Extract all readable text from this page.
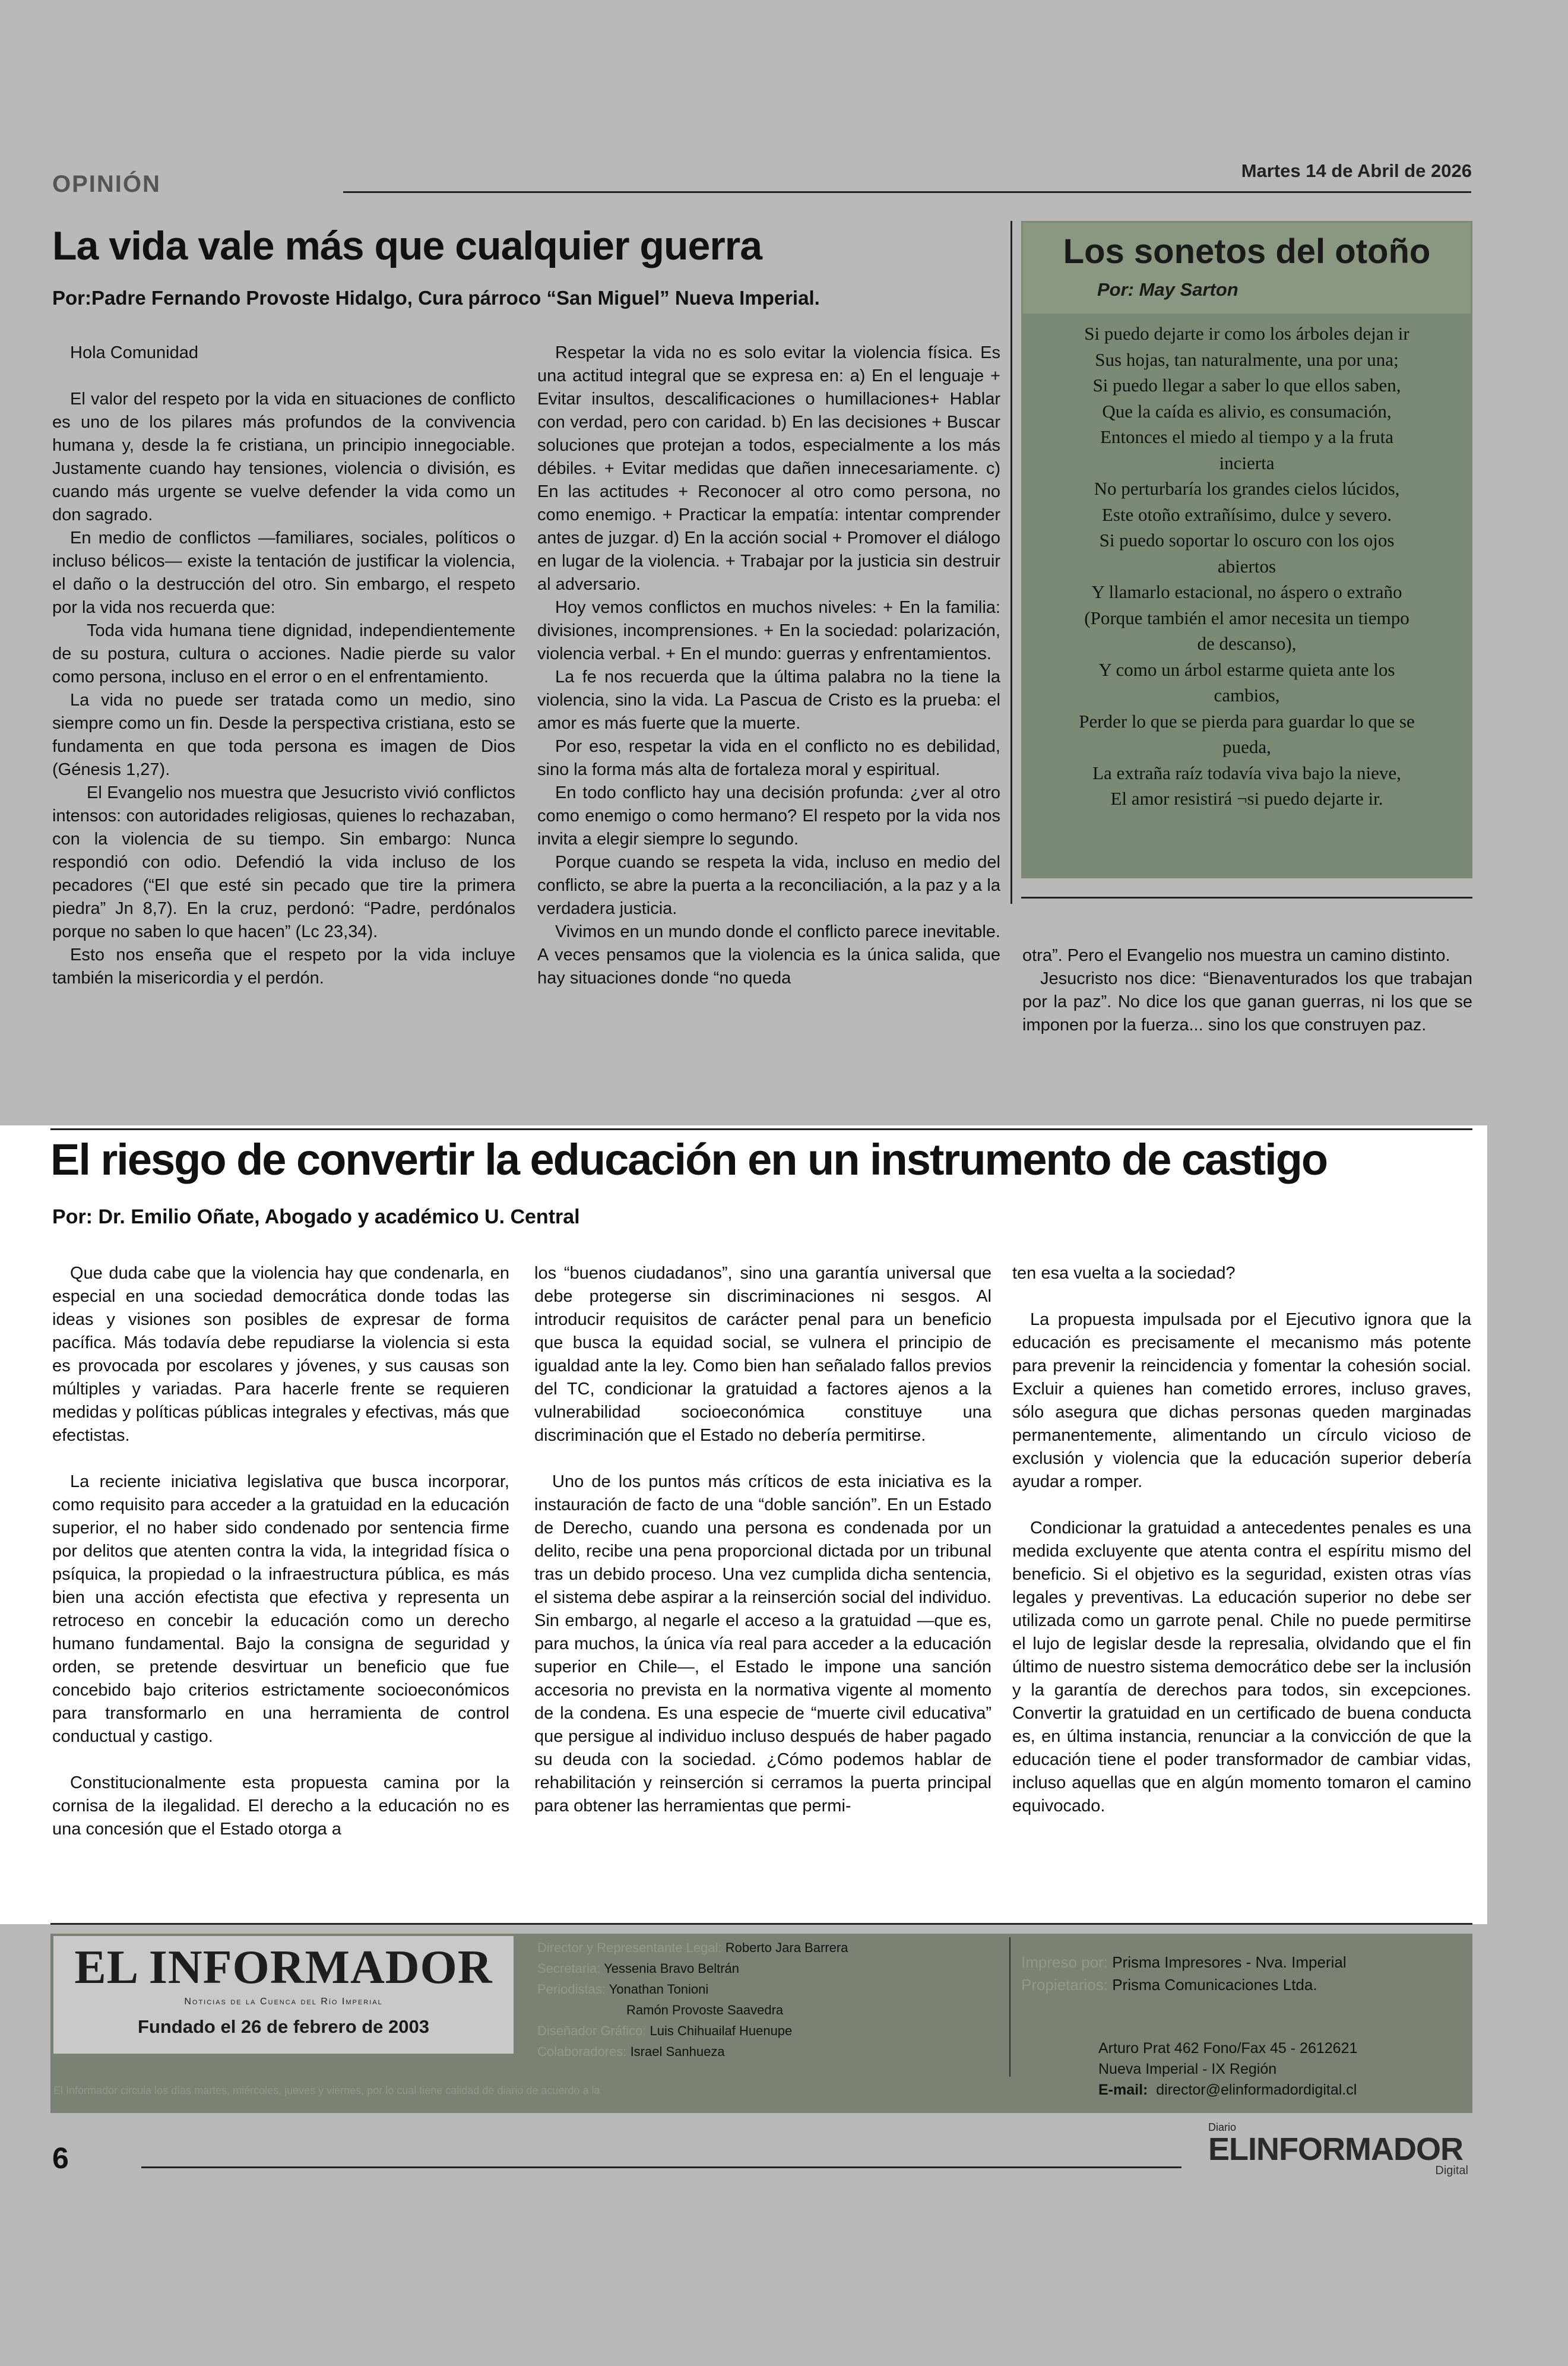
OPINIÓN
Martes 14 de Abril de 2026
La vida vale más que cualquier guerra
Por:Padre Fernando Provoste Hidalgo, Cura párroco “San Miguel” Nueva Imperial.

Hola Comunidad

El valor del respeto por la vida en situaciones de conflicto es uno de los pilares más profundos de la convivencia humana y, desde la fe cristiana, un principio innegociable. Justamente cuando hay tensiones, violencia o división, es cuando más urgente se vuelve defender la vida como un don sagrado.

En medio de conflictos —familiares, sociales, políticos o incluso bélicos— existe la tentación de justificar la violencia, el daño o la destrucción del otro. Sin embargo, el respeto por la vida nos recuerda que:

Toda vida humana tiene dignidad, independientemente de su postura, cultura o acciones. Nadie pierde su valor como persona, incluso en el error o en el enfrentamiento.

La vida no puede ser tratada como un medio, sino siempre como un fin. Desde la perspectiva cristiana, esto se fundamenta en que toda persona es imagen de Dios (Génesis 1,27).

El Evangelio nos muestra que Jesucristo vivió conflictos intensos: con autoridades religiosas, quienes lo rechazaban, con la violencia de su tiempo. Sin embargo: Nunca respondió con odio. Defendió la vida incluso de los pecadores (“El que esté sin pecado que tire la primera piedra” Jn 8,7). En la cruz, perdonó: “Padre, perdónalos porque no saben lo que hacen” (Lc 23,34).

Esto nos enseña que el respeto por la vida incluye también la misericordia y el perdón.

Respetar la vida no es solo evitar la violencia física. Es una actitud integral que se expresa en: a) En el lenguaje + Evitar insultos, descalificaciones o humillaciones+ Hablar con verdad, pero con caridad. b) En las decisiones + Buscar soluciones que protejan a todos, especialmente a los más débiles. + Evitar medidas que dañen innecesariamente. c) En las actitudes + Reconocer al otro como persona, no como enemigo. + Practicar la empatía: intentar comprender antes de juzgar. d) En la acción social + Promover el diálogo en lugar de la violencia. + Trabajar por la justicia sin destruir al adversario.

Hoy vemos conflictos en muchos niveles: + En la familia: divisiones, incomprensiones. + En la sociedad: polarización, violencia verbal. + En el mundo: guerras y enfrentamientos.

La fe nos recuerda que la última palabra no la tiene la violencia, sino la vida. La Pascua de Cristo es la prueba: el amor es más fuerte que la muerte.

Por eso, respetar la vida en el conflicto no es debilidad, sino la forma más alta de fortaleza moral y espiritual.

En todo conflicto hay una decisión profunda: ¿ver al otro como enemigo o como hermano? El respeto por la vida nos invita a elegir siempre lo segundo.

Porque cuando se respeta la vida, incluso en medio del conflicto, se abre la puerta a la reconciliación, a la paz y a la verdadera justicia.

Vivimos en un mundo donde el conflicto parece inevitable. A veces pensamos que la violencia es la única salida, que hay situaciones donde “no queda

Los sonetos del otoño
Por: May Sarton
Si puedo dejarte ir como los árboles dejan ir
Sus hojas, tan naturalmente, una por una;
Si puedo llegar a saber lo que ellos saben,
Que la caída es alivio, es consumación,
Entonces el miedo al tiempo y a la fruta
incierta
No perturbaría los grandes cielos lúcidos,
Este otoño extrañísimo, dulce y severo.
Si puedo soportar lo oscuro con los ojos
abiertos
Y llamarlo estacional, no áspero o extraño
(Porque también el amor necesita un tiempo
de descanso),
Y como un árbol estarme quieta ante los
cambios,
Perder lo que se pierda para guardar lo que se
pueda,
La extraña raíz todavía viva bajo la nieve,
El amor resistirá ¬si puedo dejarte ir.

otra”. Pero el Evangelio nos muestra un camino distinto.

Jesucristo nos dice: “Bienaventurados los que trabajan por la paz”. No dice los que ganan guerras, ni los que se imponen por la fuerza... sino los que construyen paz.

El riesgo de convertir la educación en un instrumento de castigo
Por: Dr. Emilio Oñate, Abogado y académico U. Central

Que duda cabe que la violencia hay que condenarla, en especial en una sociedad democrática donde todas las ideas y visiones son posibles de expresar de forma pacífica. Más todavía debe repudiarse la violencia si esta es provocada por escolares y jóvenes, y sus causas son múltiples y variadas. Para hacerle frente se requieren medidas y políticas públicas integrales y efectivas, más que efectistas.

La reciente iniciativa legislativa que busca incorporar, como requisito para acceder a la gratuidad en la educación superior, el no haber sido condenado por sentencia firme por delitos que atenten contra la vida, la integridad física o psíquica, la propiedad o la infraestructura pública, es más bien una acción efectista que efectiva y representa un retroceso en concebir la educación como un derecho humano fundamental. Bajo la consigna de seguridad y orden, se pretende desvirtuar un beneficio que fue concebido bajo criterios estrictamente socioeconómicos para transformarlo en una herramienta de control conductual y castigo.

Constitucionalmente esta propuesta camina por la cornisa de la ilegalidad. El derecho a la educación no es una concesión que el Estado otorga a

los “buenos ciudadanos”, sino una garantía universal que debe protegerse sin discriminaciones ni sesgos. Al introducir requisitos de carácter penal para un beneficio que busca la equidad social, se vulnera el principio de igualdad ante la ley. Como bien han señalado fallos previos del TC, condicionar la gratuidad a factores ajenos a la vulnerabilidad socioeconómica constituye una discriminación que el Estado no debería permitirse.

Uno de los puntos más críticos de esta iniciativa es la instauración de facto de una “doble sanción”. En un Estado de Derecho, cuando una persona es condenada por un delito, recibe una pena proporcional dictada por un tribunal tras un debido proceso. Una vez cumplida dicha sentencia, el sistema debe aspirar a la reinserción social del individuo. Sin embargo, al negarle el acceso a la gratuidad —que es, para muchos, la única vía real para acceder a la educación superior en Chile—, el Estado le impone una sanción accesoria no prevista en la normativa vigente al momento de la condena. Es una especie de “muerte civil educativa” que persigue al individuo incluso después de haber pagado su deuda con la sociedad. ¿Cómo podemos hablar de rehabilitación y reinserción si cerramos la puerta principal para obtener las herramientas que permi-

ten esa vuelta a la sociedad?

La propuesta impulsada por el Ejecutivo ignora que la educación es precisamente el mecanismo más potente para prevenir la reincidencia y fomentar la cohesión social. Excluir a quienes han cometido errores, incluso graves, sólo asegura que dichas personas queden marginadas permanentemente, alimentando un círculo vicioso de exclusión y violencia que la educación superior debería ayudar a romper.

Condicionar la gratuidad a antecedentes penales es una medida excluyente que atenta contra el espíritu mismo del beneficio. Si el objetivo es la seguridad, existen otras vías legales y preventivas. La educación superior no debe ser utilizada como un garrote penal. Chile no puede permitirse el lujo de legislar desde la represalia, olvidando que el fin último de nuestro sistema democrático debe ser la inclusión y la garantía de derechos para todos, sin excepciones. Convertir la gratuidad en un certificado de buena conducta es, en última instancia, renunciar a la convicción de que la educación tiene el poder transformador de cambiar vidas, incluso aquellas que en algún momento tomaron el camino equivocado.

EL INFORMADOR
Noticias de la Cuenca del Río Imperial
Fundado el 26 de febrero de 2003
Director y Representante Legal: Roberto Jara Barrera
Secretaria: Yessenia Bravo Beltrán
Periodistas: Yonathan Tonioni
Ramón Provoste Saavedra
Diseñador Gráfico: Luis Chihuailaf Huenupe
Colaboradores: Israel Sanhueza
Impreso por: Prisma Impresores - Nva. Imperial
Propietarios: Prisma Comunicaciones Ltda.
Arturo Prat 462 Fono/Fax 45 - 2612621
Nueva Imperial - IX Región
E-mail: director@elinformadordigital.cl
El Informador circula los días martes, miércoles, jueves y viernes, por lo cual tiene calidad de diario de acuerdo a la
6
Diario
ELINFORMADOR
Digital
